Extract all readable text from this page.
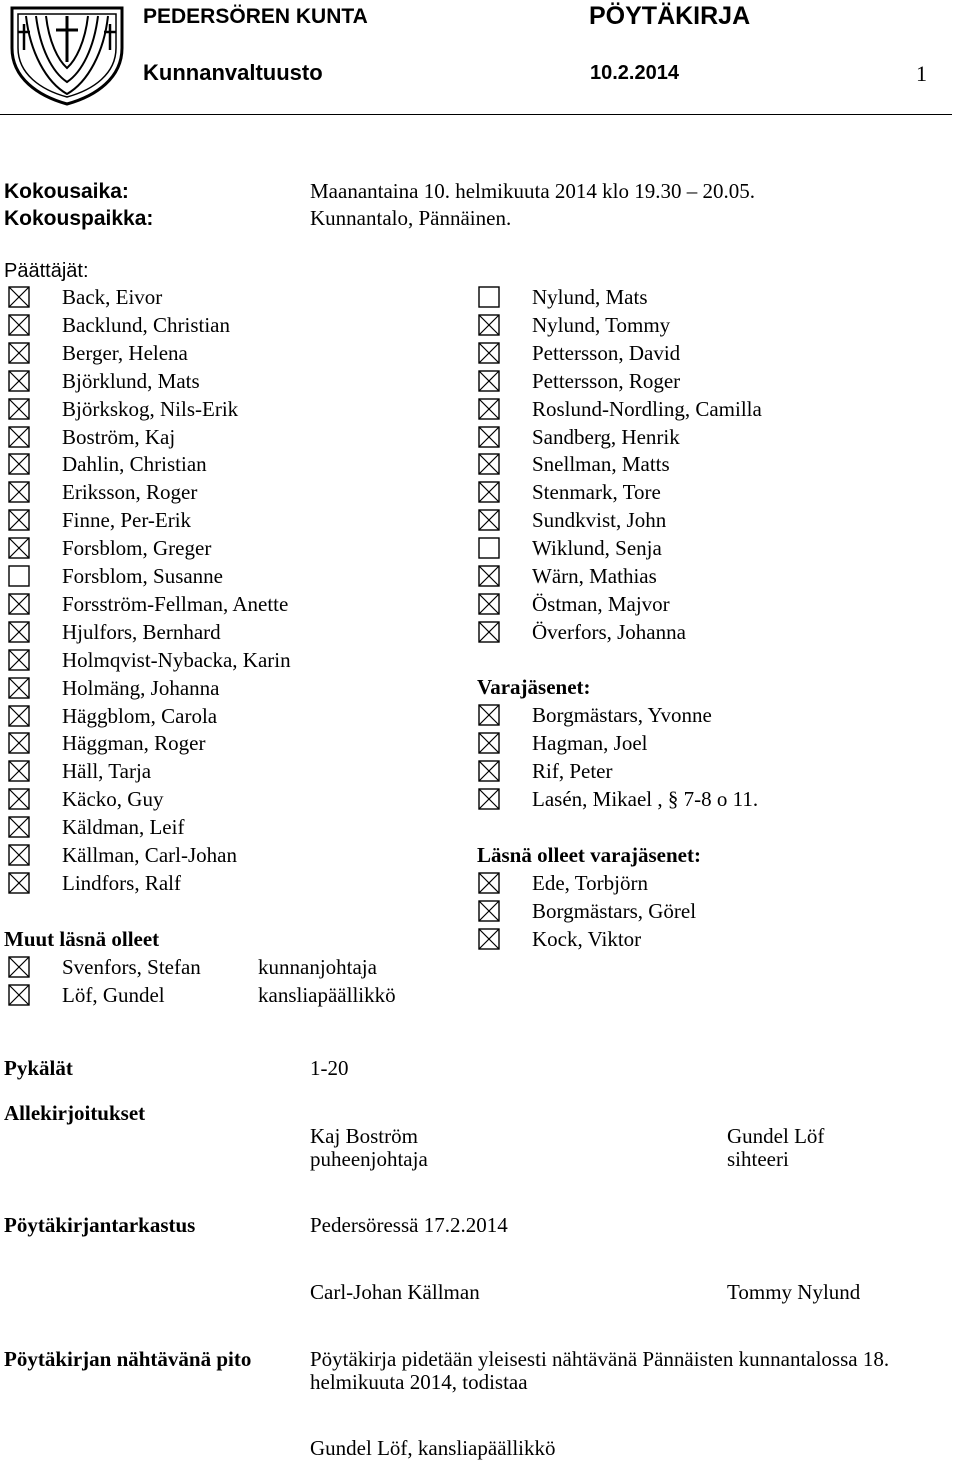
PEDERSÖREN KUNTA	PÖYTÄKIRJA
Kunnanvaltuusto	10.2.2014	1
Kokousaika:	Maanantaina 10. helmikuuta 2014 klo 19.30 – 20.05.
Kokouspaikka:	Kunnantalo, Pännäinen.
Päättäjät:
Back, Eivor
Backlund, Christian
Berger, Helena
Björklund, Mats
Björkskog, Nils-Erik
Boström, Kaj
Dahlin, Christian
Eriksson, Roger
Finne, Per-Erik
Forsblom, Greger
Forsblom, Susanne
Forsström-Fellman, Anette
Hjulfors, Bernhard
Holmqvist-Nybacka, Karin
Holmäng, Johanna
Häggblom, Carola
Häggman, Roger
Häll, Tarja
Käcko, Guy
Käldman, Leif
Källman, Carl-Johan
Lindfors, Ralf
Nylund, Mats
Nylund, Tommy
Pettersson, David
Pettersson, Roger
Roslund-Nordling, Camilla
Sandberg, Henrik
Snellman, Matts
Stenmark, Tore
Sundkvist, John
Wiklund, Senja
Wärn, Mathias
Östman, Majvor
Överfors, Johanna
Varajäsenet:
Borgmästars, Yvonne
Hagman, Joel
Rif, Peter
Lasén, Mikael , § 7-8 o 11.
Läsnä olleet varajäsenet:
Ede, Torbjörn
Borgmästars, Görel
Kock, Viktor
Muut läsnä olleet
Svenfors, Stefan	kunnanjohtaja
Löf, Gundel	kansliapäällikkö
Pykälät	1-20
Allekirjoitukset
Kaj Boström
puheenjohtaja
Gundel Löf
sihteeri
Pöytäkirjantarkastus	Pedersöressä 17.2.2014
Carl-Johan Källman	Tommy Nylund
Pöytäkirjan nähtävänä pito	Pöytäkirja pidetään yleisesti nähtävänä Pännäisten kunnantalossa 18.
helmikuuta 2014, todistaa
Gundel Löf, kansliapäällikkö
